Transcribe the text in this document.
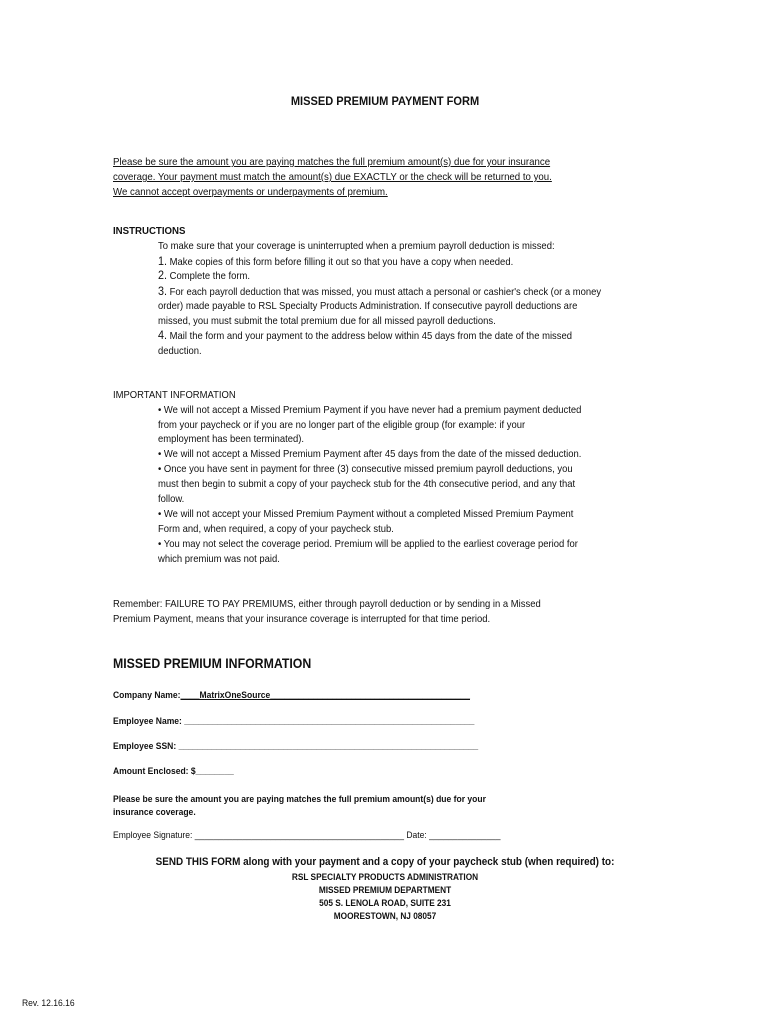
MISSED PREMIUM PAYMENT FORM
Please be sure the amount you are paying matches the full premium amount(s) due for your insurance
coverage. Your payment must match the amount(s) due EXACTLY or the check will be returned to you.
We cannot accept overpayments or underpayments of premium.
INSTRUCTIONS
To make sure that your coverage is uninterrupted when a premium payroll deduction is missed:
1. Make copies of this form before filling it out so that you have a copy when needed.
2. Complete the form.
3. For each payroll deduction that was missed, you must attach a personal or cashier's check (or a money
order) made payable to RSL Specialty Products Administration. If consecutive payroll deductions are
missed, you must submit the total premium due for all missed payroll deductions.
4. Mail the form and your payment to the address below within 45 days from the date of the missed
deduction.
IMPORTANT INFORMATION
• We will not accept a Missed Premium Payment if you have never had a premium payment deducted
from your paycheck or if you are no longer part of the eligible group (for example: if your
employment has been terminated).
• We will not accept a Missed Premium Payment after 45 days from the date of the missed deduction.
• Once you have sent in payment for three (3) consecutive missed premium payroll deductions, you
must then begin to submit a copy of your paycheck stub for the 4th consecutive period, and any that
follow.
• We will not accept your Missed Premium Payment without a completed Missed Premium Payment
Form and, when required, a copy of your paycheck stub.
• You may not select the coverage period. Premium will be applied to the earliest coverage period for
which premium was not paid.
Remember: FAILURE TO PAY PREMIUMS, either through payroll deduction or by sending in a Missed
Premium Payment, means that your insurance coverage is interrupted for that time period.
MISSED PREMIUM INFORMATION
Company Name:____MatrixOneSource__________________________________________
Employee Name: _____________________________________________________________
Employee SSN: _______________________________________________________________
Amount Enclosed: $________
Please be sure the amount you are paying matches the full premium amount(s) due for your
insurance coverage.
Employee Signature: ____________________________________________ Date: _______________
SEND THIS FORM along with your payment and a copy of your paycheck stub (when required) to:
RSL SPECIALTY PRODUCTS ADMINISTRATION
MISSED PREMIUM DEPARTMENT
505 S. LENOLA ROAD, SUITE 231
MOORESTOWN, NJ 08057
Rev. 12.16.16
